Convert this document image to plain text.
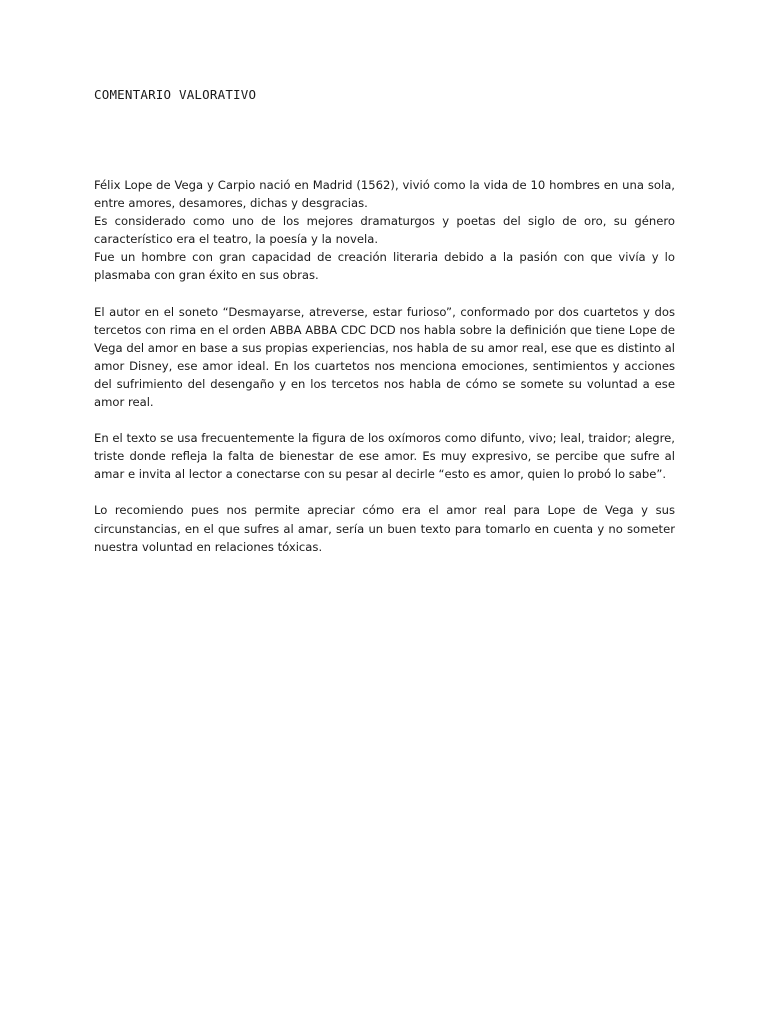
COMENTARIO VALORATIVO

Félix Lope de Vega y Carpio nació en Madrid (1562), vivió como la vida de 10 hombres en una sola, entre amores, desamores, dichas y desgracias.

Es considerado como uno de los mejores dramaturgos y poetas del siglo de oro, su género característico era el teatro, la poesía y la novela.

Fue un hombre con gran capacidad de creación literaria debido a la pasión con que vivía y lo plasmaba con gran éxito en sus obras.

El autor en el soneto “Desmayarse, atreverse, estar furioso”, conformado por dos cuartetos y dos tercetos con rima en el orden ABBA ABBA CDC DCD nos habla sobre la definición que tiene Lope de Vega del amor en base a sus propias experiencias, nos habla de su amor real, ese que es distinto al amor Disney, ese amor ideal. En los cuartetos nos menciona emociones, sentimientos y acciones del sufrimiento del desengaño y en los tercetos nos habla de cómo se somete su voluntad a ese amor real.

En el texto se usa frecuentemente la figura de los oxímoros como difunto, vivo; leal, traidor; alegre, triste donde refleja la falta de bienestar de ese amor. Es muy expresivo, se percibe que sufre al amar e invita al lector a conectarse con su pesar al decirle “esto es amor, quien lo probó lo sabe”.

Lo recomiendo pues nos permite apreciar cómo era el amor real para Lope de Vega y sus circunstancias, en el que sufres al amar, sería un buen texto para tomarlo en cuenta y no someter nuestra voluntad en relaciones tóxicas.
